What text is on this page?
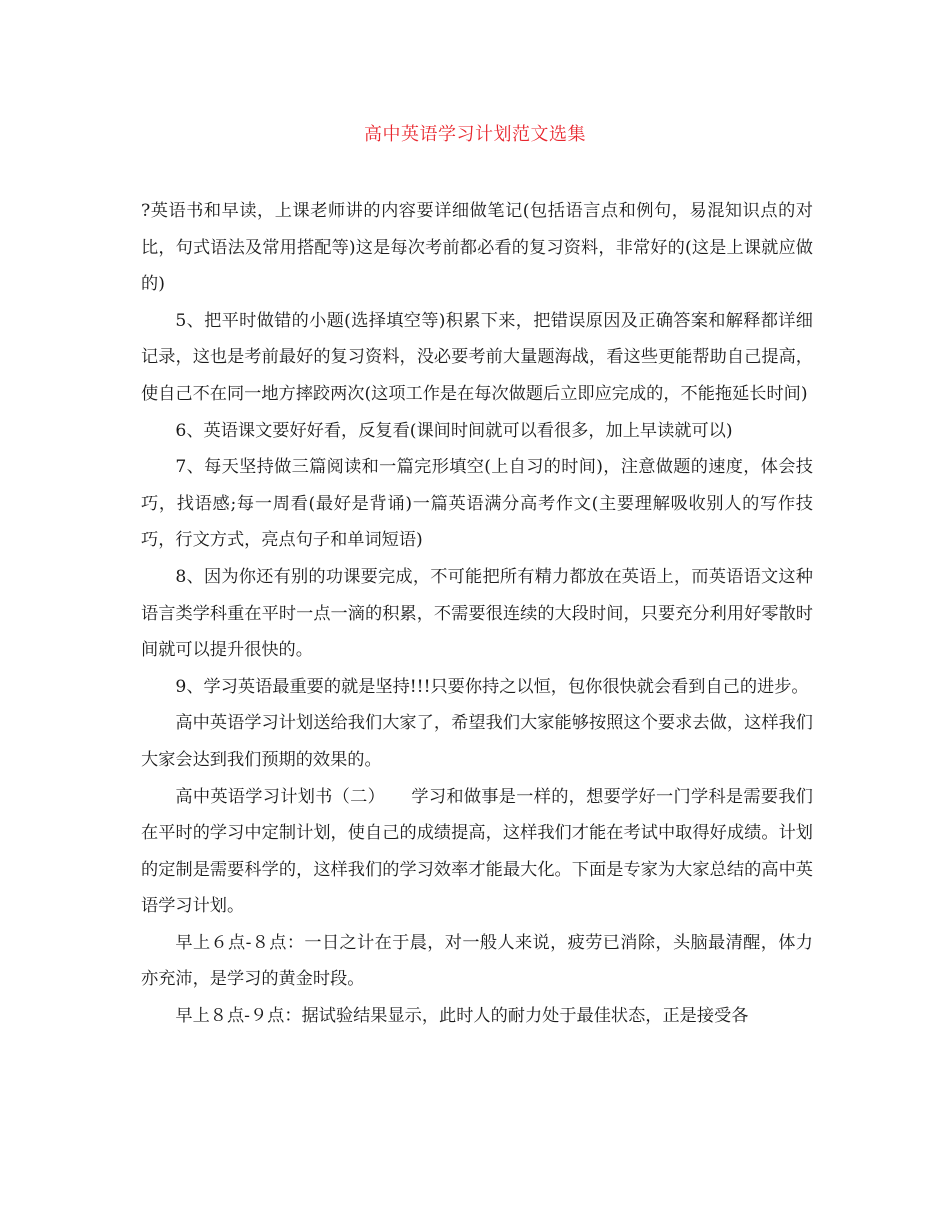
高中英语学习计划范文选集

?英语书和早读，上课老师讲的内容要详细做笔记(包括语言点和例句，易混知识点的对比，句式语法及常用搭配等)这是每次考前都必看的复习资料，非常好的(这是上课就应做的)

5、把平时做错的小题(选择填空等)积累下来，把错误原因及正确答案和解释都详细记录，这也是考前最好的复习资料，没必要考前大量题海战，看这些更能帮助自己提高，使自己不在同一地方摔跤两次(这项工作是在每次做题后立即应完成的，不能拖延长时间)

6、英语课文要好好看，反复看(课间时间就可以看很多，加上早读就可以)

7、每天坚持做三篇阅读和一篇完形填空(上自习的时间)，注意做题的速度，体会技巧，找语感;每一周看(最好是背诵)一篇英语满分高考作文(主要理解吸收别人的写作技巧，行文方式，亮点句子和单词短语)

8、因为你还有别的功课要完成，不可能把所有精力都放在英语上，而英语语文这种语言类学科重在平时一点一滴的积累，不需要很连续的大段时间，只要充分利用好零散时间就可以提升很快的。

9、学习英语最重要的就是坚持!!!只要你持之以恒，包你很快就会看到自己的进步。

高中英语学习计划送给我们大家了，希望我们大家能够按照这个要求去做，这样我们大家会达到我们预期的效果的。

高中英语学习计划书（二）　　学习和做事是一样的，想要学好一门学科是需要我们在平时的学习中定制计划，使自己的成绩提高，这样我们才能在考试中取得好成绩。计划的定制是需要科学的，这样我们的学习效率才能最大化。下面是专家为大家总结的高中英语学习计划。

早上６点-８点：一日之计在于晨，对一般人来说，疲劳已消除，头脑最清醒，体力亦充沛，是学习的黄金时段。

早上８点-９点：据试验结果显示，此时人的耐力处于最佳状态，正是接受各
